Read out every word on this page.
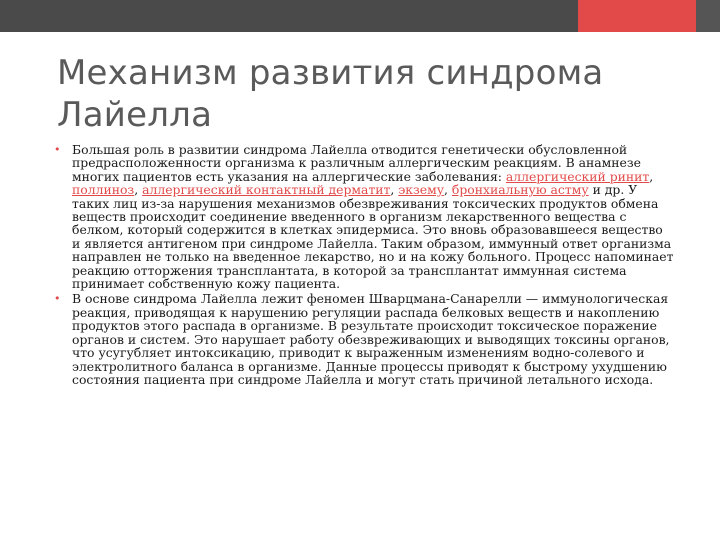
Механизм развития синдрома Лайелла
• Большая роль в развитии синдрома Лайелла отводится генетически обусловленной предрасположенности организма к различным аллергическим реакциям. В анамнезе многих пациентов есть указания на аллергические заболевания: аллергический ринит, поллиноз, аллергический контактный дерматит, экзему, бронхиальную астму и др. У таких лиц из-за нарушения механизмов обезвреживания токсических продуктов обмена веществ происходит соединение введенного в организм лекарственного вещества с белком, который содержится в клетках эпидермиса. Это вновь образовавшееся вещество и является антигеном при синдроме Лайелла. Таким образом, иммунный ответ организма направлен не только на введенное лекарство, но и на кожу больного. Процесс напоминает реакцию отторжения трансплантата, в которой за трансплантат иммунная система принимает собственную кожу пациента.
• В основе синдрома Лайелла лежит феномен Шварцмана-Санарелли — иммунологическая реакция, приводящая к нарушению регуляции распада белковых веществ и накоплению продуктов этого распада в организме. В результате происходит токсическое поражение органов и систем. Это нарушает работу обезвреживающих и выводящих токсины органов, что усугубляет интоксикацию, приводит к выраженным изменениям водно-солевого и электролитного баланса в организме. Данные процессы приводят к быстрому ухудшению состояния пациента при синдроме Лайелла и могут стать причиной летального исхода.
